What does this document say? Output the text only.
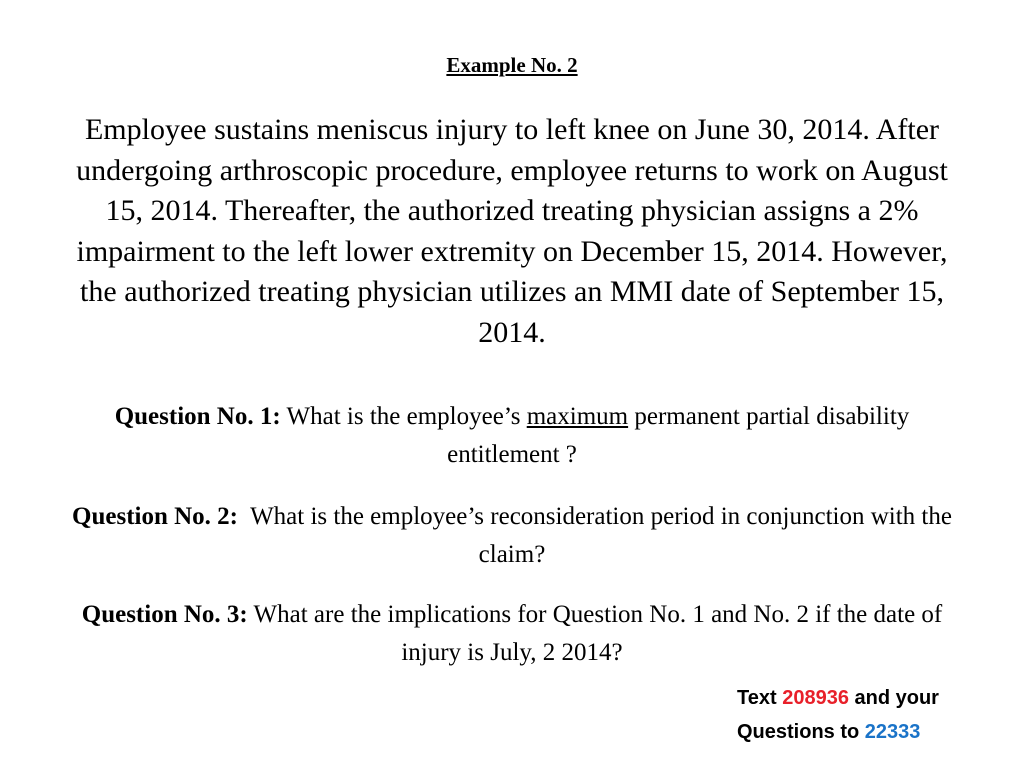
Example No. 2

Employee sustains meniscus injury to left knee on June 30, 2014. After undergoing arthroscopic procedure, employee returns to work on August 15, 2014. Thereafter, the authorized treating physician assigns a 2% impairment to the left lower extremity on December 15, 2014. However, the authorized treating physician utilizes an MMI date of September 15, 2014.

Question No. 1: What is the employee’s maximum permanent partial disability entitlement ?

Question No. 2: What is the employee’s reconsideration period in conjunction with the claim?

Question No. 3: What are the implications for Question No. 1 and No. 2 if the date of injury is July, 2 2014?

Text 208936 and your
Questions to 22333
